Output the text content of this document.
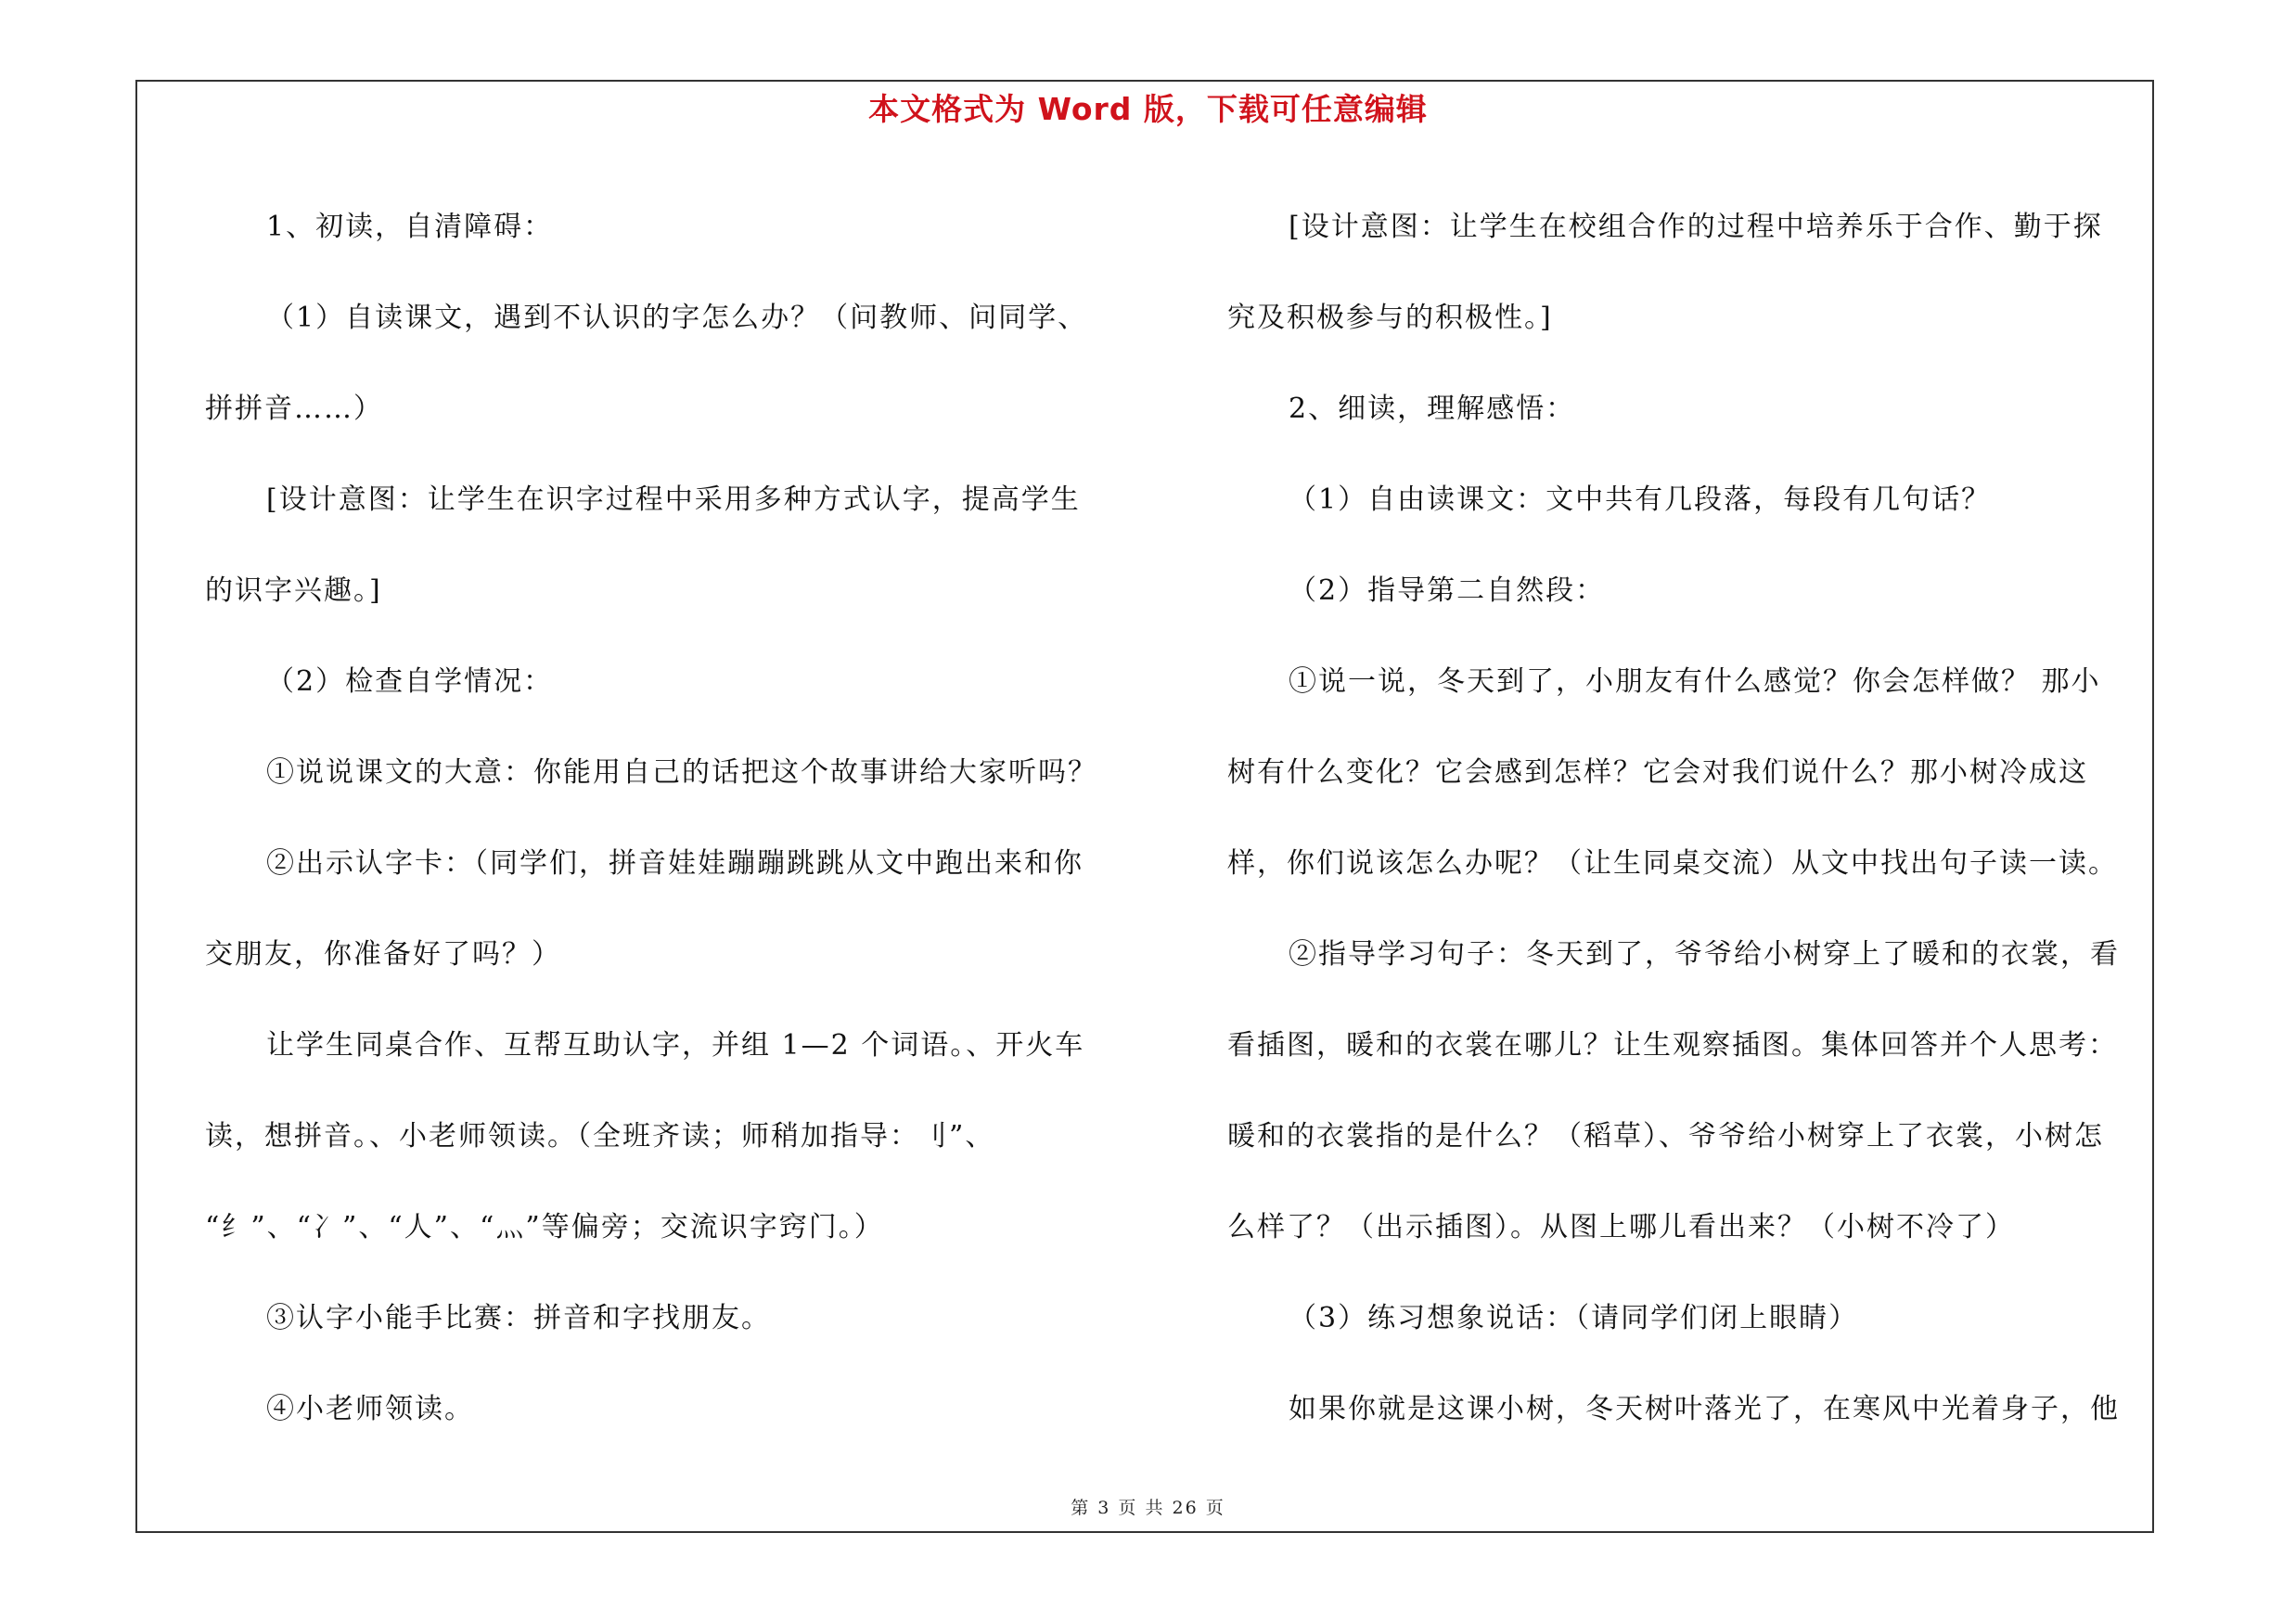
本文格式为 Word 版，下载可任意编辑
1、初读，自清障碍：
（1）自读课文，遇到不认识的字怎么办？（问教师、问同学、
拼拼音……）
[设计意图：让学生在识字过程中采用多种方式认字，提高学生
的识字兴趣。]
（2）检查自学情况：
①说说课文的大意：你能用自己的话把这个故事讲给大家听吗？
②出示认字卡：（同学们，拼音娃娃蹦蹦跳跳从文中跑出来和你
交朋友，你准备好了吗？）
让学生同桌合作、互帮互助认字，并组 1—2 个词语。、开火车
读，想拼音。、小老师领读。（全班齐读；师稍加指导：刂”、
“纟”、“冫”、“人”、“灬”等偏旁；交流识字窍门。）
③认字小能手比赛：拼音和字找朋友。
④小老师领读。
[设计意图：让学生在校组合作的过程中培养乐于合作、勤于探
究及积极参与的积极性。]
2、细读，理解感悟：
（1）自由读课文：文中共有几段落，每段有几句话？
（2）指导第二自然段：
①说一说，冬天到了，小朋友有什么感觉？你会怎样做？ 那小
树有什么变化？它会感到怎样？它会对我们说什么？那小树冷成这
样，你们说该怎么办呢？（让生同桌交流）从文中找出句子读一读。
②指导学习句子：冬天到了，爷爷给小树穿上了暖和的衣裳，看
看插图，暖和的衣裳在哪儿？让生观察插图。集体回答并个人思考：
暖和的衣裳指的是什么？（稻草）、爷爷给小树穿上了衣裳，小树怎
么样了？（出示插图）。从图上哪儿看出来？（小树不冷了）
（3）练习想象说话：（请同学们闭上眼睛）
如果你就是这课小树，冬天树叶落光了，在寒风中光着身子，他
第 3 页 共 26 页
